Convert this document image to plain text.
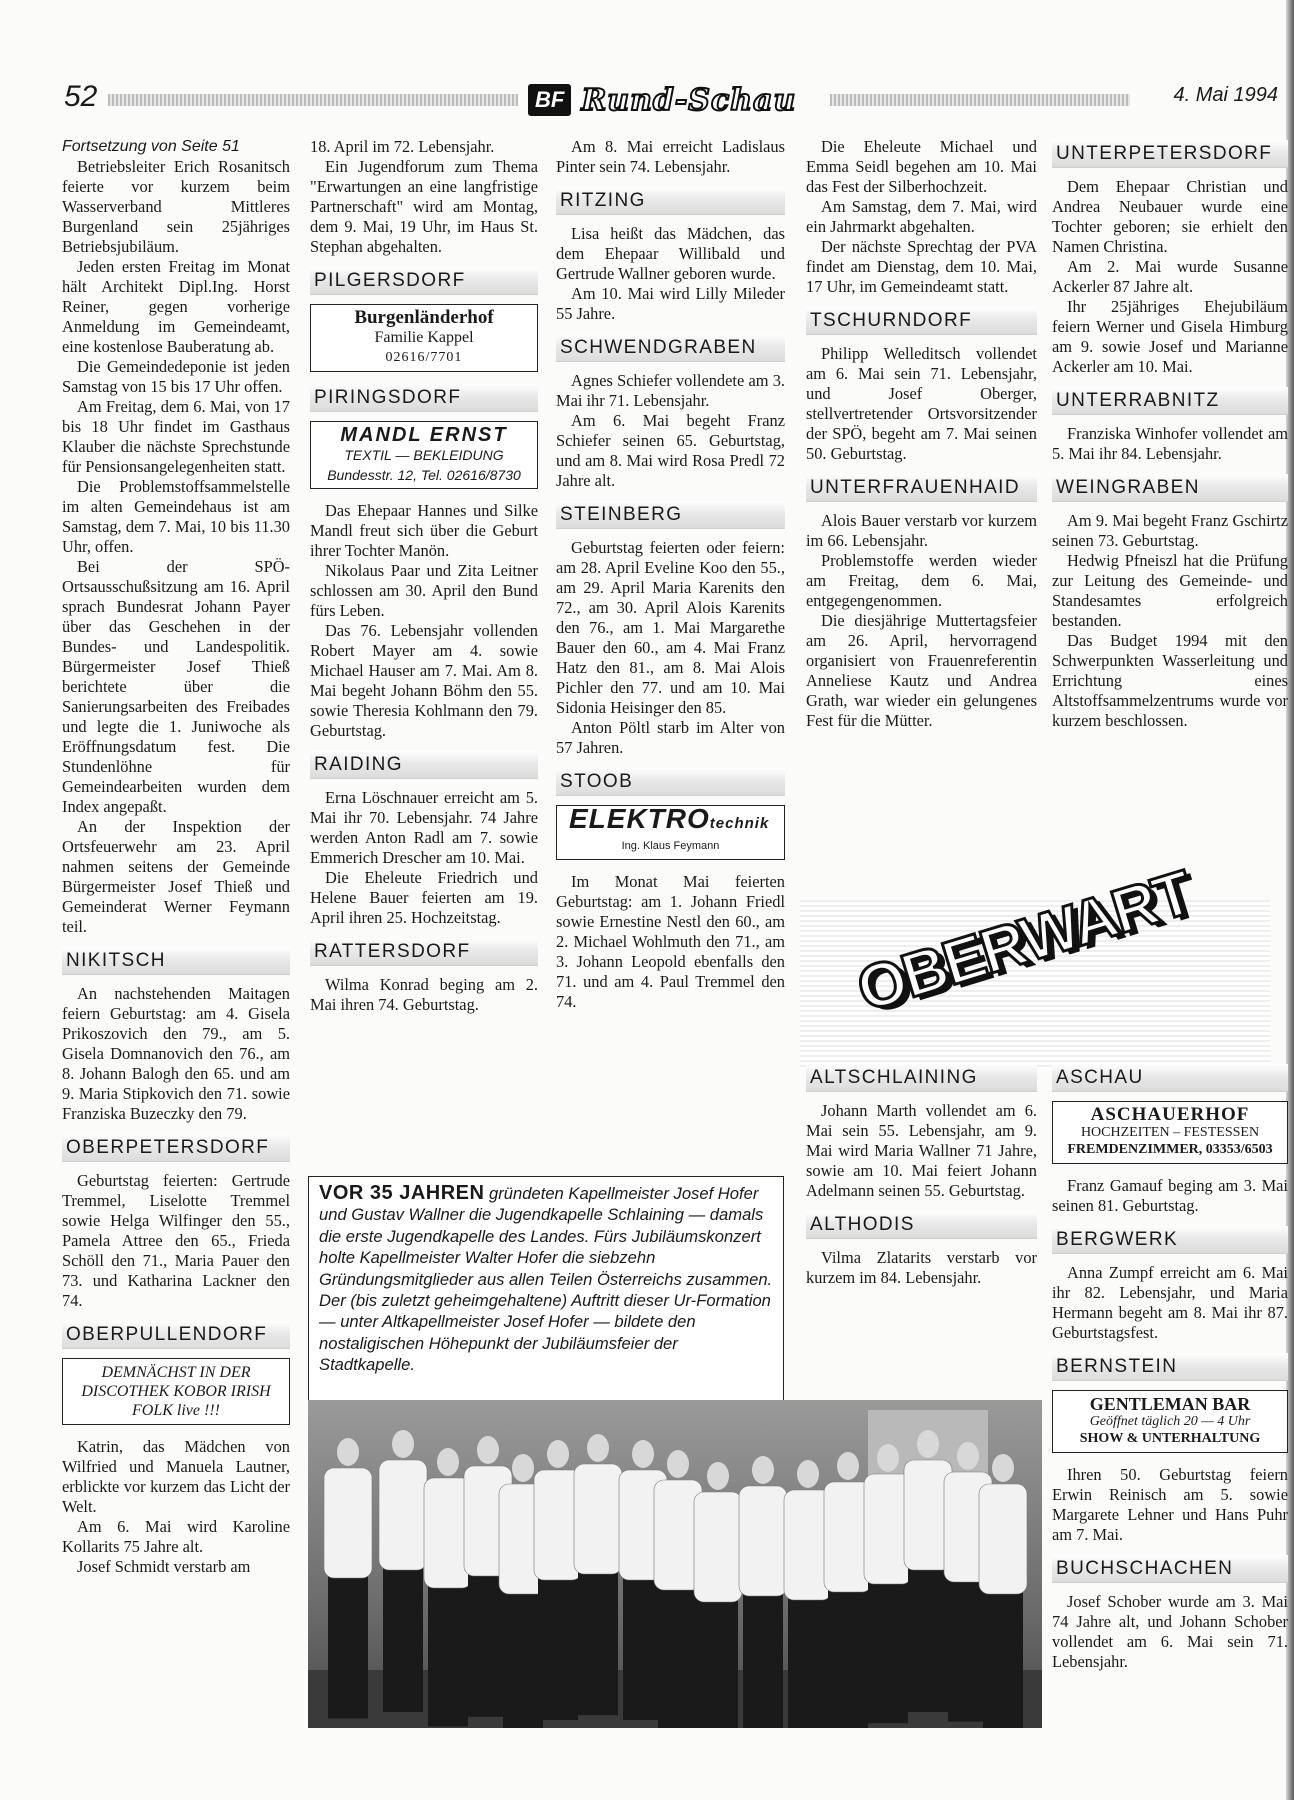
52	BF Rund-Schau	4. Mai 1994

Fortsetzung von Seite 51

Betriebsleiter Erich Rosanitsch feierte vor kurzem beim Wasserverband Mittleres Burgenland sein 25jähriges Betriebsjubiläum.

Jeden ersten Freitag im Monat hält Architekt Dipl.Ing. Horst Reiner, gegen vorherige Anmeldung im Gemeindeamt, eine kostenlose Bauberatung ab.

Die Gemeindedeponie ist jeden Samstag von 15 bis 17 Uhr offen.

Am Freitag, dem 6. Mai, von 17 bis 18 Uhr findet im Gasthaus Klauber die nächste Sprechstunde für Pensionsangelegenheiten statt.

Die Problemstoffsammelstelle im alten Gemeindehaus ist am Samstag, dem 7. Mai, 10 bis 11.30 Uhr, offen.

Bei der SPÖ-Ortsausschußsitzung am 16. April sprach Bundesrat Johann Payer über das Geschehen in der Bundes- und Landespolitik. Bürgermeister Josef Thieß berichtete über die Sanierungsarbeiten des Freibades und legte die 1. Juniwoche als Eröffnungsdatum fest. Die Stundenlöhne für Gemeindearbeiten wurden dem Index angepaßt.

An der Inspektion der Ortsfeuerwehr am 23. April nahmen seitens der Gemeinde Bürgermeister Josef Thieß und Gemeinderat Werner Feymann teil.

NIKITSCH

An nachstehenden Maitagen feiern Geburtstag: am 4. Gisela Prikoszovich den 79., am 5. Gisela Domnanovich den 76., am 8. Johann Balogh den 65. und am 9. Maria Stipkovich den 71. sowie Franziska Buzeczky den 79.

OBERPETERSDORF

Geburtstag feierten: Gertrude Tremmel, Liselotte Tremmel sowie Helga Wilfinger den 55., Pamela Attree den 65., Frieda Schöll den 71., Maria Pauer den 73. und Katharina Lackner den 74.

OBERPULLENDORF
DEMNÄCHST IN DER DISCOTHEK KOBOR IRISH FOLK live !!!

Katrin, das Mädchen von Wilfried und Manuela Lautner, erblickte vor kurzem das Licht der Welt.

Am 6. Mai wird Karoline Kollarits 75 Jahre alt.

Josef Schmidt verstarb am

18. April im 72. Lebensjahr.

Ein Jugendforum zum Thema "Erwartungen an eine langfristige Partnerschaft" wird am Montag, dem 9. Mai, 19 Uhr, im Haus St. Stephan abgehalten.

PILGERSDORF
Burgenländerhof
Familie Kappel
02616/7701
PIRINGSDORF
MANDL ERNST
TEXTIL — BEKLEIDUNG
Bundesstr. 12, Tel. 02616/8730

Das Ehepaar Hannes und Silke Mandl freut sich über die Geburt ihrer Tochter Manön.

Nikolaus Paar und Zita Leitner schlossen am 30. April den Bund fürs Leben.

Das 76. Lebensjahr vollenden Robert Mayer am 4. sowie Michael Hauser am 7. Mai. Am 8. Mai begeht Johann Böhm den 55. sowie Theresia Kohlmann den 79. Geburtstag.

RAIDING

Erna Löschnauer erreicht am 5. Mai ihr 70. Lebensjahr. 74 Jahre werden Anton Radl am 7. sowie Emmerich Drescher am 10. Mai.

Die Eheleute Friedrich und Helene Bauer feierten am 19. April ihren 25. Hochzeitstag.

RATTERSDORF

Wilma Konrad beging am 2. Mai ihren 74. Geburtstag.

Am 8. Mai erreicht Ladislaus Pinter sein 74. Lebensjahr.

RITZING

Lisa heißt das Mädchen, das dem Ehepaar Willibald und Gertrude Wallner geboren wurde.

Am 10. Mai wird Lilly Mileder 55 Jahre.

SCHWENDGRABEN

Agnes Schiefer vollendete am 3. Mai ihr 71. Lebensjahr.

Am 6. Mai begeht Franz Schiefer seinen 65. Geburtstag, und am 8. Mai wird Rosa Predl 72 Jahre alt.

STEINBERG

Geburtstag feierten oder feiern: am 28. April Eveline Koo den 55., am 29. April Maria Karenits den 72., am 30. April Alois Karenits den 76., am 1. Mai Margarethe Bauer den 60., am 4. Mai Franz Hatz den 81., am 8. Mai Alois Pichler den 77. und am 10. Mai Sidonia Heisinger den 85.

Anton Pöltl starb im Alter von 57 Jahren.

STOOB
ELEKTROtechnik
Ing. Klaus Feymann

Im Monat Mai feierten Geburtstag: am 1. Johann Friedl sowie Ernestine Nestl den 60., am 2. Michael Wohlmuth den 71., am 3. Johann Leopold ebenfalls den 71. und am 4. Paul Tremmel den 74.

Die Eheleute Michael und Emma Seidl begehen am 10. Mai das Fest der Silberhochzeit.

Am Samstag, dem 7. Mai, wird ein Jahrmarkt abgehalten.

Der nächste Sprechtag der PVA findet am Dienstag, dem 10. Mai, 17 Uhr, im Gemeindeamt statt.

TSCHURNDORF

Philipp Welleditsch vollendet am 6. Mai sein 71. Lebensjahr, und Josef Oberger, stellvertretender Ortsvorsitzender der SPÖ, begeht am 7. Mai seinen 50. Geburtstag.

UNTERFRAUENHAID

Alois Bauer verstarb vor kurzem im 66. Lebensjahr.

Problemstoffe werden wieder am Freitag, dem 6. Mai, entgegengenommen.

Die diesjährige Muttertagsfeier am 26. April, hervorragend organisiert von Frauenreferentin Anneliese Kautz und Andrea Grath, war wieder ein gelungenes Fest für die Mütter.

OBERWART
ALTSCHLAINING

Johann Marth vollendet am 6. Mai sein 55. Lebensjahr, am 9. Mai wird Maria Wallner 71 Jahre, sowie am 10. Mai feiert Johann Adelmann seinen 55. Geburtstag.

ALTHODIS

Vilma Zlatarits verstarb vor kurzem im 84. Lebensjahr.

UNTERPETERSDORF

Dem Ehepaar Christian und Andrea Neubauer wurde eine Tochter geboren; sie erhielt den Namen Christina.

Am 2. Mai wurde Susanne Ackerler 87 Jahre alt.

Ihr 25jähriges Ehejubiläum feiern Werner und Gisela Himburg am 9. sowie Josef und Marianne Ackerler am 10. Mai.

UNTERRABNITZ

Franziska Winhofer vollendet am 5. Mai ihr 84. Lebensjahr.

WEINGRABEN

Am 9. Mai begeht Franz Gschirtz seinen 73. Geburtstag.

Hedwig Pfneiszl hat die Prüfung zur Leitung des Gemeinde- und Standesamtes erfolgreich bestanden.

Das Budget 1994 mit den Schwerpunkten Wasserleitung und Errichtung eines Altstoffsammelzentrums wurde vor kurzem beschlossen.

ASCHAU
ASCHAUERHOF
HOCHZEITEN – FESTESSEN
FREMDENZIMMER, 03353/6503

Franz Gamauf beging am 3. Mai seinen 81. Geburtstag.

BERGWERK

Anna Zumpf erreicht am 6. Mai ihr 82. Lebensjahr, und Maria Hermann begeht am 8. Mai ihr 87. Geburtstagsfest.

BERNSTEIN
GENTLEMAN BAR
Geöffnet täglich 20 — 4 Uhr
SHOW & UNTERHALTUNG

Ihren 50. Geburtstag feiern Erwin Reinisch am 5. sowie Margarete Lehner und Hans Puhr am 7. Mai.

BUCHSCHACHEN

Josef Schober wurde am 3. Mai 74 Jahre alt, und Johann Schober vollendet am 6. Mai sein 71. Lebensjahr.

VOR 35 JAHREN gründeten Kapellmeister Josef Hofer und Gustav Wallner die Jugendkapelle Schlaining — damals die erste Jugendkapelle des Landes. Fürs Jubiläumskonzert holte Kapellmeister Walter Hofer die siebzehn Gründungsmitglieder aus allen Teilen Österreichs zusammen. Der (bis zuletzt geheimgehaltene) Auftritt dieser Ur-Formation — unter Altkapellmeister Josef Hofer — bildete den nostaligischen Höhepunkt der Jubiläumsfeier der Stadtkapelle.
